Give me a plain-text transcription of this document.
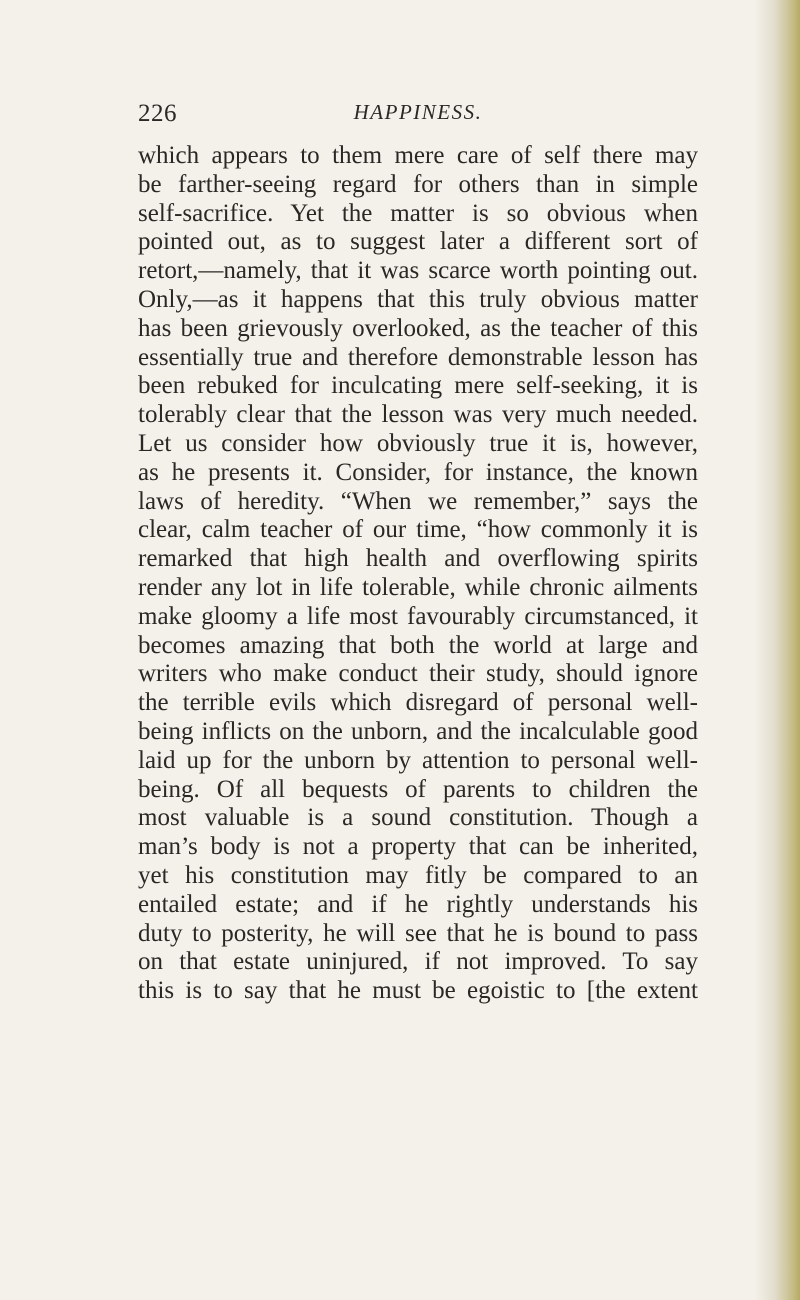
226	HAPPINESS.
which appears to them mere care of self there may
be farther-seeing regard for others than in simple
self-sacrifice. Yet the matter is so obvious when
pointed out, as to suggest later a different sort of
retort,—namely, that it was scarce worth pointing out.
Only,—as it happens that this truly obvious matter
has been grievously overlooked, as the teacher of this
essentially true and therefore demonstrable lesson has
been rebuked for inculcating mere self-seeking, it is
tolerably clear that the lesson was very much needed.
Let us consider how obviously true it is, however,
as he presents it. Consider, for instance, the known
laws of heredity. “When we remember,” says the
clear, calm teacher of our time, “how commonly it is
remarked that high health and overflowing spirits
render any lot in life tolerable, while chronic ailments
make gloomy a life most favourably circumstanced, it
becomes amazing that both the world at large and
writers who make conduct their study, should ignore
the terrible evils which disregard of personal well-
being inflicts on the unborn, and the incalculable good
laid up for the unborn by attention to personal well-
being. Of all bequests of parents to children the
most valuable is a sound constitution. Though a
man’s body is not a property that can be inherited,
yet his constitution may fitly be compared to an
entailed estate; and if he rightly understands his
duty to posterity, he will see that he is bound to pass
on that estate uninjured, if not improved. To say
this is to say that he must be egoistic to [the extent
